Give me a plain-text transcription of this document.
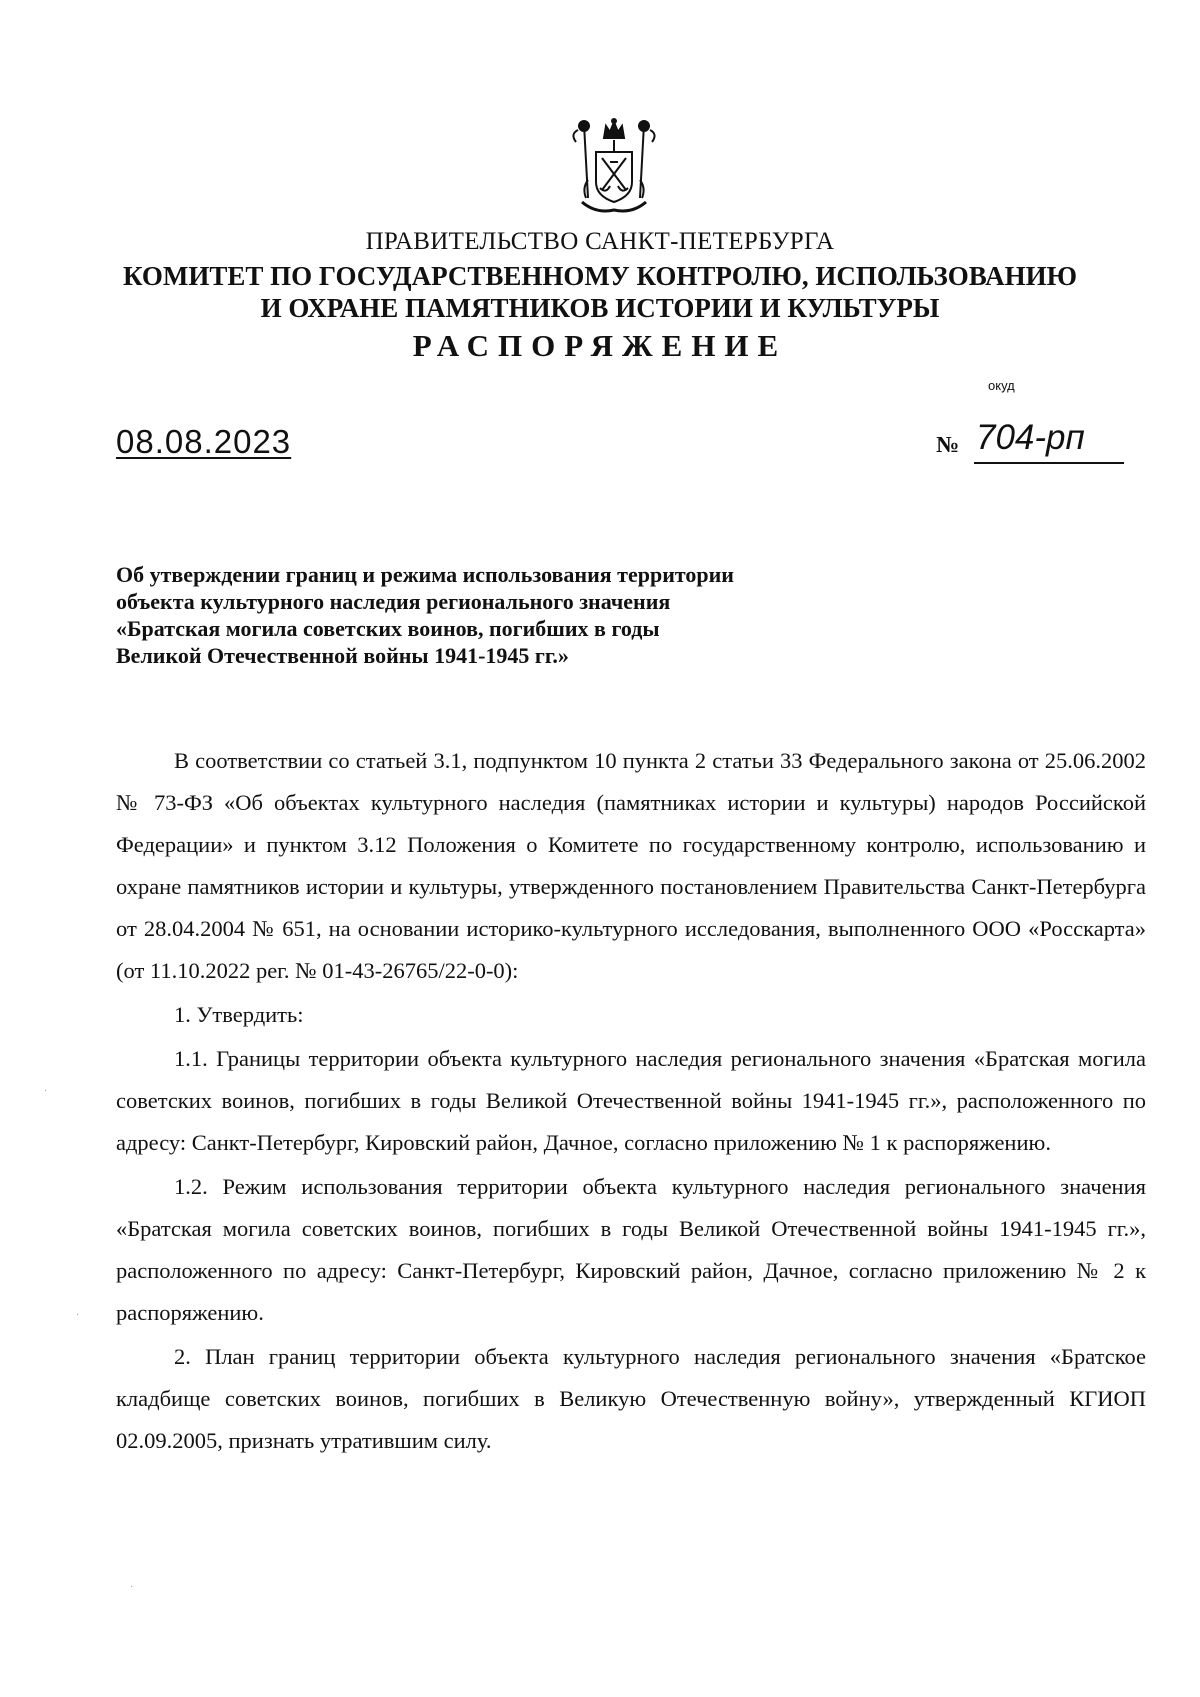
ПРАВИТЕЛЬСТВО САНКТ-ПЕТЕРБУРГА
КОМИТЕТ ПО ГОСУДАРСТВЕННОМУ КОНТРОЛЮ, ИСПОЛЬЗОВАНИЮ
И ОХРАНЕ ПАМЯТНИКОВ ИСТОРИИ И КУЛЬТУРЫ
РАСПОРЯЖЕНИЕ
окуд
08.08.2023	№ 704-рп
Об утверждении границ и режима использования территории
объекта культурного наследия регионального значения
«Братская могила советских воинов, погибших в годы
Великой Отечественной войны 1941-1945 гг.»

В соответствии со статьей 3.1, подпунктом 10 пункта 2 статьи 33 Федерального закона от 25.06.2002 № 73-ФЗ «Об объектах культурного наследия (памятниках истории и культуры) народов Российской Федерации» и пунктом 3.12 Положения о Комитете по государственному контролю, использованию и охране памятников истории и культуры, утвержденного постановлением Правительства Санкт-Петербурга от 28.04.2004 № 651, на основании историко-культурного исследования, выполненного ООО «Росскарта» (от 11.10.2022 рег. № 01-43-26765/22-0-0):

1. Утвердить:

1.1. Границы территории объекта культурного наследия регионального значения «Братская могила советских воинов, погибших в годы Великой Отечественной войны 1941-1945 гг.», расположенного по адресу: Санкт-Петербург, Кировский район, Дачное, согласно приложению № 1 к распоряжению.

1.2. Режим использования территории объекта культурного наследия регионального значения «Братская могила советских воинов, погибших в годы Великой Отечественной войны 1941-1945 гг.», расположенного по адресу: Санкт-Петербург, Кировский район, Дачное, согласно приложению № 2 к распоряжению.

2. План границ территории объекта культурного наследия регионального значения «Братское кладбище советских воинов, погибших в Великую Отечественную войну», утвержденный КГИОП 02.09.2005, признать утратившим силу.

·
·
·
